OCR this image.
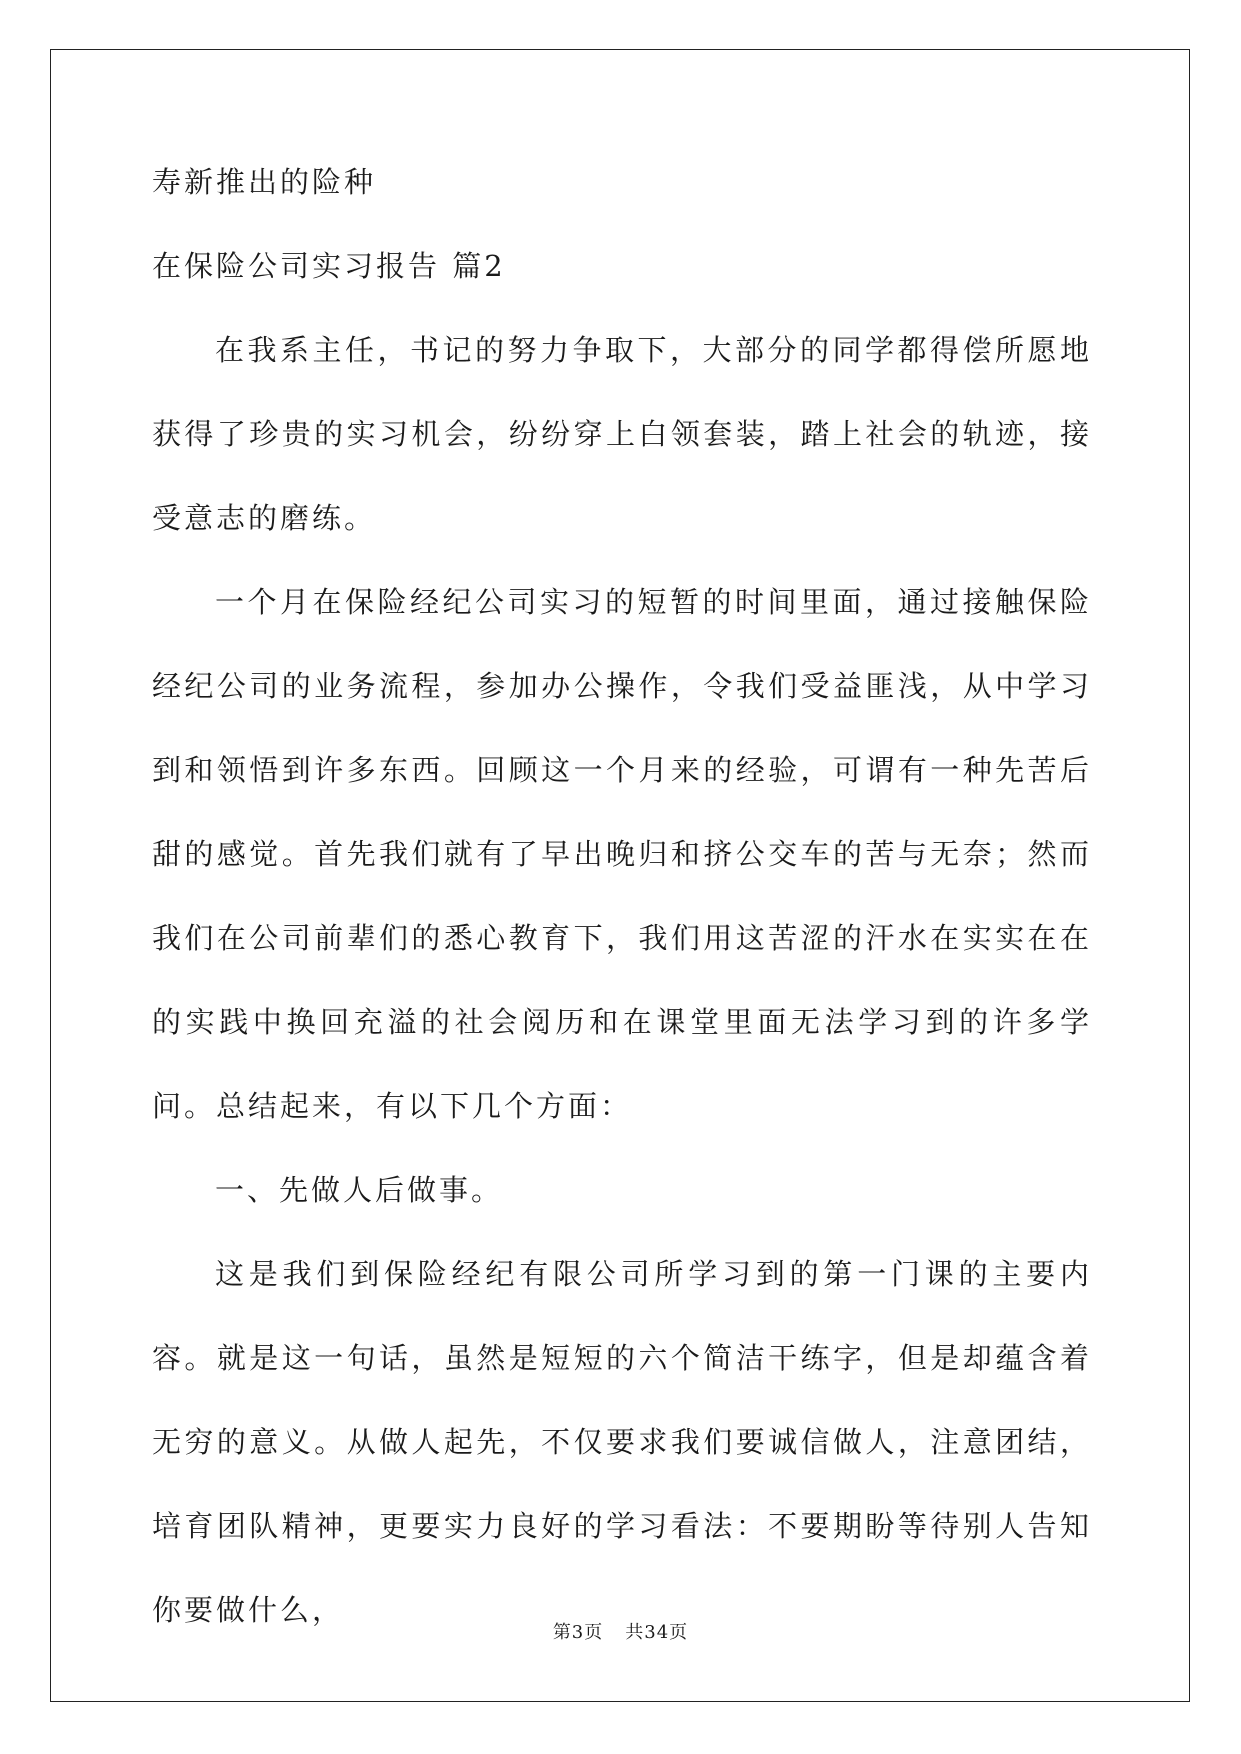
寿新推出的险种
在保险公司实习报告 篇2

在我系主任，书记的努力争取下，大部分的同学都得偿所愿地获得了珍贵的实习机会，纷纷穿上白领套装，踏上社会的轨迹，接受意志的磨练。

一个月在保险经纪公司实习的短暂的时间里面，通过接触保险经纪公司的业务流程，参加办公操作，令我们受益匪浅，从中学习到和领悟到许多东西。回顾这一个月来的经验，可谓有一种先苦后甜的感觉。首先我们就有了早出晚归和挤公交车的苦与无奈；然而我们在公司前辈们的悉心教育下，我们用这苦涩的汗水在实实在在的实践中换回充溢的社会阅历和在课堂里面无法学习到的许多学问。总结起来，有以下几个方面：

一、先做人后做事。

这是我们到保险经纪有限公司所学习到的第一门课的主要内容。就是这一句话，虽然是短短的六个简洁干练字，但是却蕴含着无穷的意义。从做人起先，不仅要求我们要诚信做人，注意团结，培育团队精神，更要实力良好的学习看法：不要期盼等待别人告知你要做什么，

第3页 共34页
